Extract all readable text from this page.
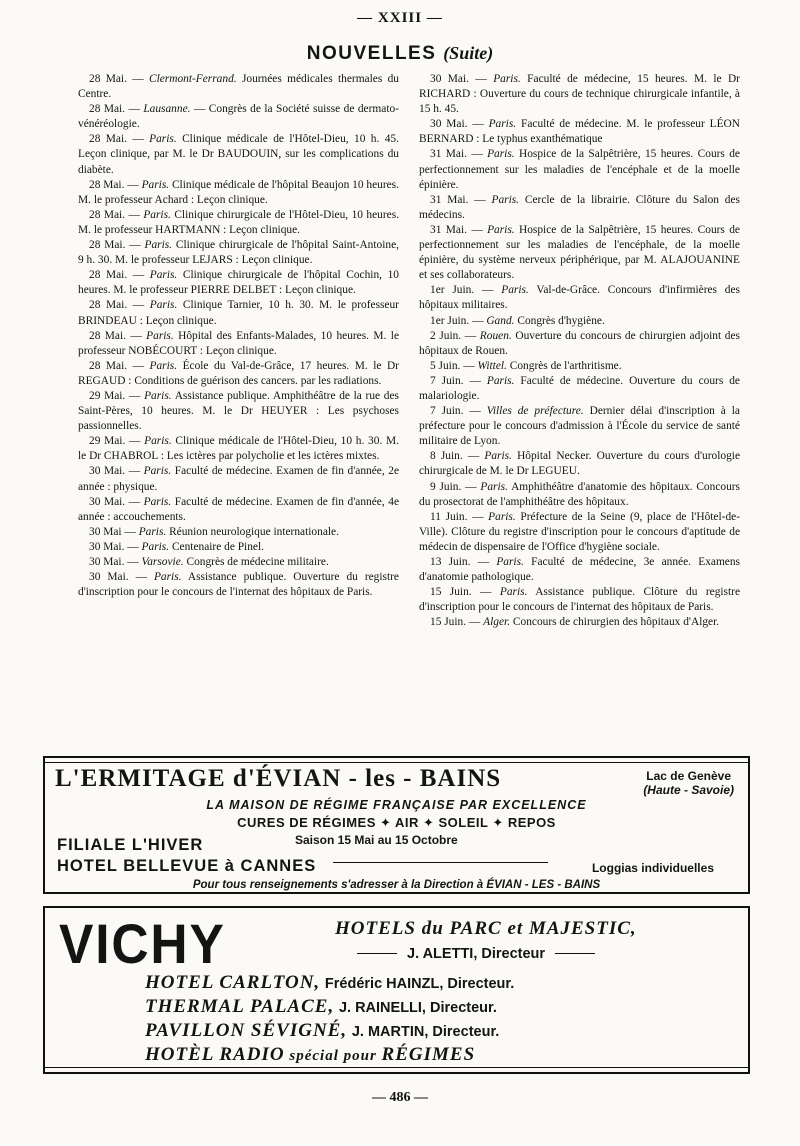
— XXIII —
NOUVELLES (Suite)

28 Mai. — Clermont-Ferrand. Journées médicales thermales du Centre.

28 Mai. — Lausanne. — Congrès de la Société suisse de dermato-vénéréologie.

28 Mai. — Paris. Clinique médicale de l'Hôtel-Dieu, 10 h. 45. Leçon clinique, par M. le Dr BAUDOUIN, sur les complications du diabète.

28 Mai. — Paris. Clinique médicale de l'hôpital Beaujon 10 heures. M. le professeur Achard : Leçon clinique.

28 Mai. — Paris. Clinique chirurgicale de l'Hôtel-Dieu, 10 heures. M. le professeur HARTMANN : Leçon clinique.

28 Mai. — Paris. Clinique chirurgicale de l'hôpital Saint-Antoine, 9 h. 30. M. le professeur LEJARS : Leçon clinique.

28 Mai. — Paris. Clinique chirurgicale de l'hôpital Cochin, 10 heures. M. le professeur PIERRE DELBET : Leçon clinique.

28 Mai. — Paris. Clinique Tarnier, 10 h. 30. M. le professeur BRINDEAU : Leçon clinique.

28 Mai. — Paris. Hôpital des Enfants-Malades, 10 heures. M. le professeur NOBÉCOURT : Leçon clinique.

28 Mai. — Paris. École du Val-de-Grâce, 17 heures. M. le Dr REGAUD : Conditions de guérison des cancers. par les radiations.

29 Mai. — Paris. Assistance publique. Amphithéâtre de la rue des Saint-Pères, 10 heures. M. le Dr HEUYER : Les psychoses passionnelles.

29 Mai. — Paris. Clinique médicale de l'Hôtel-Dieu, 10 h. 30. M. le Dr CHABROL : Les ictères par polycholie et les ictères mixtes.

30 Mai. — Paris. Faculté de médecine. Examen de fin d'année, 2e année : physique.

30 Mai. — Paris. Faculté de médecine. Examen de fin d'année, 4e année : accouchements.

30 Mai — Paris. Réunion neurologique internationale.

30 Mai. — Paris. Centenaire de Pinel.

30 Mai. — Varsovie. Congrès de médecine militaire.

30 Mai. — Paris. Assistance publique. Ouverture du registre d'inscription pour le concours de l'internat des hôpitaux de Paris.

30 Mai. — Paris. Faculté de médecine, 15 heures. M. le Dr RICHARD : Ouverture du cours de technique chirurgicale infantile, à 15 h. 45.

30 Mai. — Paris. Faculté de médecine. M. le professeur LÉON BERNARD : Le typhus exanthématique

31 Mai. — Paris. Hospice de la Salpêtrière, 15 heures. Cours de perfectionnement sur les maladies de l'encéphale et de la moelle épinière.

31 Mai. — Paris. Cercle de la librairie. Clôture du Salon des médecins.

31 Mai. — Paris. Hospice de la Salpêtrière, 15 heures. Cours de perfectionnement sur les maladies de l'encéphale, de la moelle épinière, du système nerveux périphérique, par M. ALAJOUANINE et ses collaborateurs.

1er Juin. — Paris. Val-de-Grâce. Concours d'infirmières des hôpitaux militaires.

1er Juin. — Gand. Congrès d'hygiène.

2 Juin. — Rouen. Ouverture du concours de chirurgien adjoint des hôpitaux de Rouen.

5 Juin. — Wittel. Congrès de l'arthritisme.

7 Juin. — Paris. Faculté de médecine. Ouverture du cours de malariologie.

7 Juin. — Villes de préfecture. Dernier délai d'inscription à la préfecture pour le concours d'admission à l'École du service de santé militaire de Lyon.

8 Juin. — Paris. Hôpital Necker. Ouverture du cours d'urologie chirurgicale de M. le Dr LEGUEU.

9 Juin. — Paris. Amphithéâtre d'anatomie des hôpitaux. Concours du prosectorat de l'amphithéâtre des hôpitaux.

11 Juin. — Paris. Préfecture de la Seine (9, place de l'Hôtel-de-Ville). Clôture du registre d'inscription pour le concours d'aptitude de médecin de dispensaire de l'Office d'hygiène sociale.

13 Juin. — Paris. Faculté de médecine, 3e année. Examens d'anatomie pathologique.

15 Juin. — Paris. Assistance publique. Clôture du registre d'inscription pour le concours de l'internat des hôpitaux de Paris.

15 Juin. — Alger. Concours de chirurgien des hôpitaux d'Alger.

L'ERMITAGE d'ÉVIAN - les - BAINS	Lac de Genève
(Haute - Savoie)
LA MAISON DE RÉGIME FRANÇAISE PAR EXCELLENCE
CURES DE RÉGIMES ✦ AIR ✦ SOLEIL ✦ REPOS
FILIALE L'HIVER	Saison 15 Mai au 15 Octobre
HOTEL BELLEVUE à CANNES	Loggias individuelles
Pour tous renseignements s'adresser à la Direction à ÉVIAN - LES - BAINS
VICHY	HOTELS du PARC et MAJESTIC,
J. ALETTI, Directeur
HOTEL CARLTON, Frédéric HAINZL, Directeur.
THERMAL PALACE, J. RAINELLI, Directeur.
PAVILLON SÉVIGNÉ, J. MARTIN, Directeur.
HOTÈL RADIO spécial pour RÉGIMES
— 486 —
